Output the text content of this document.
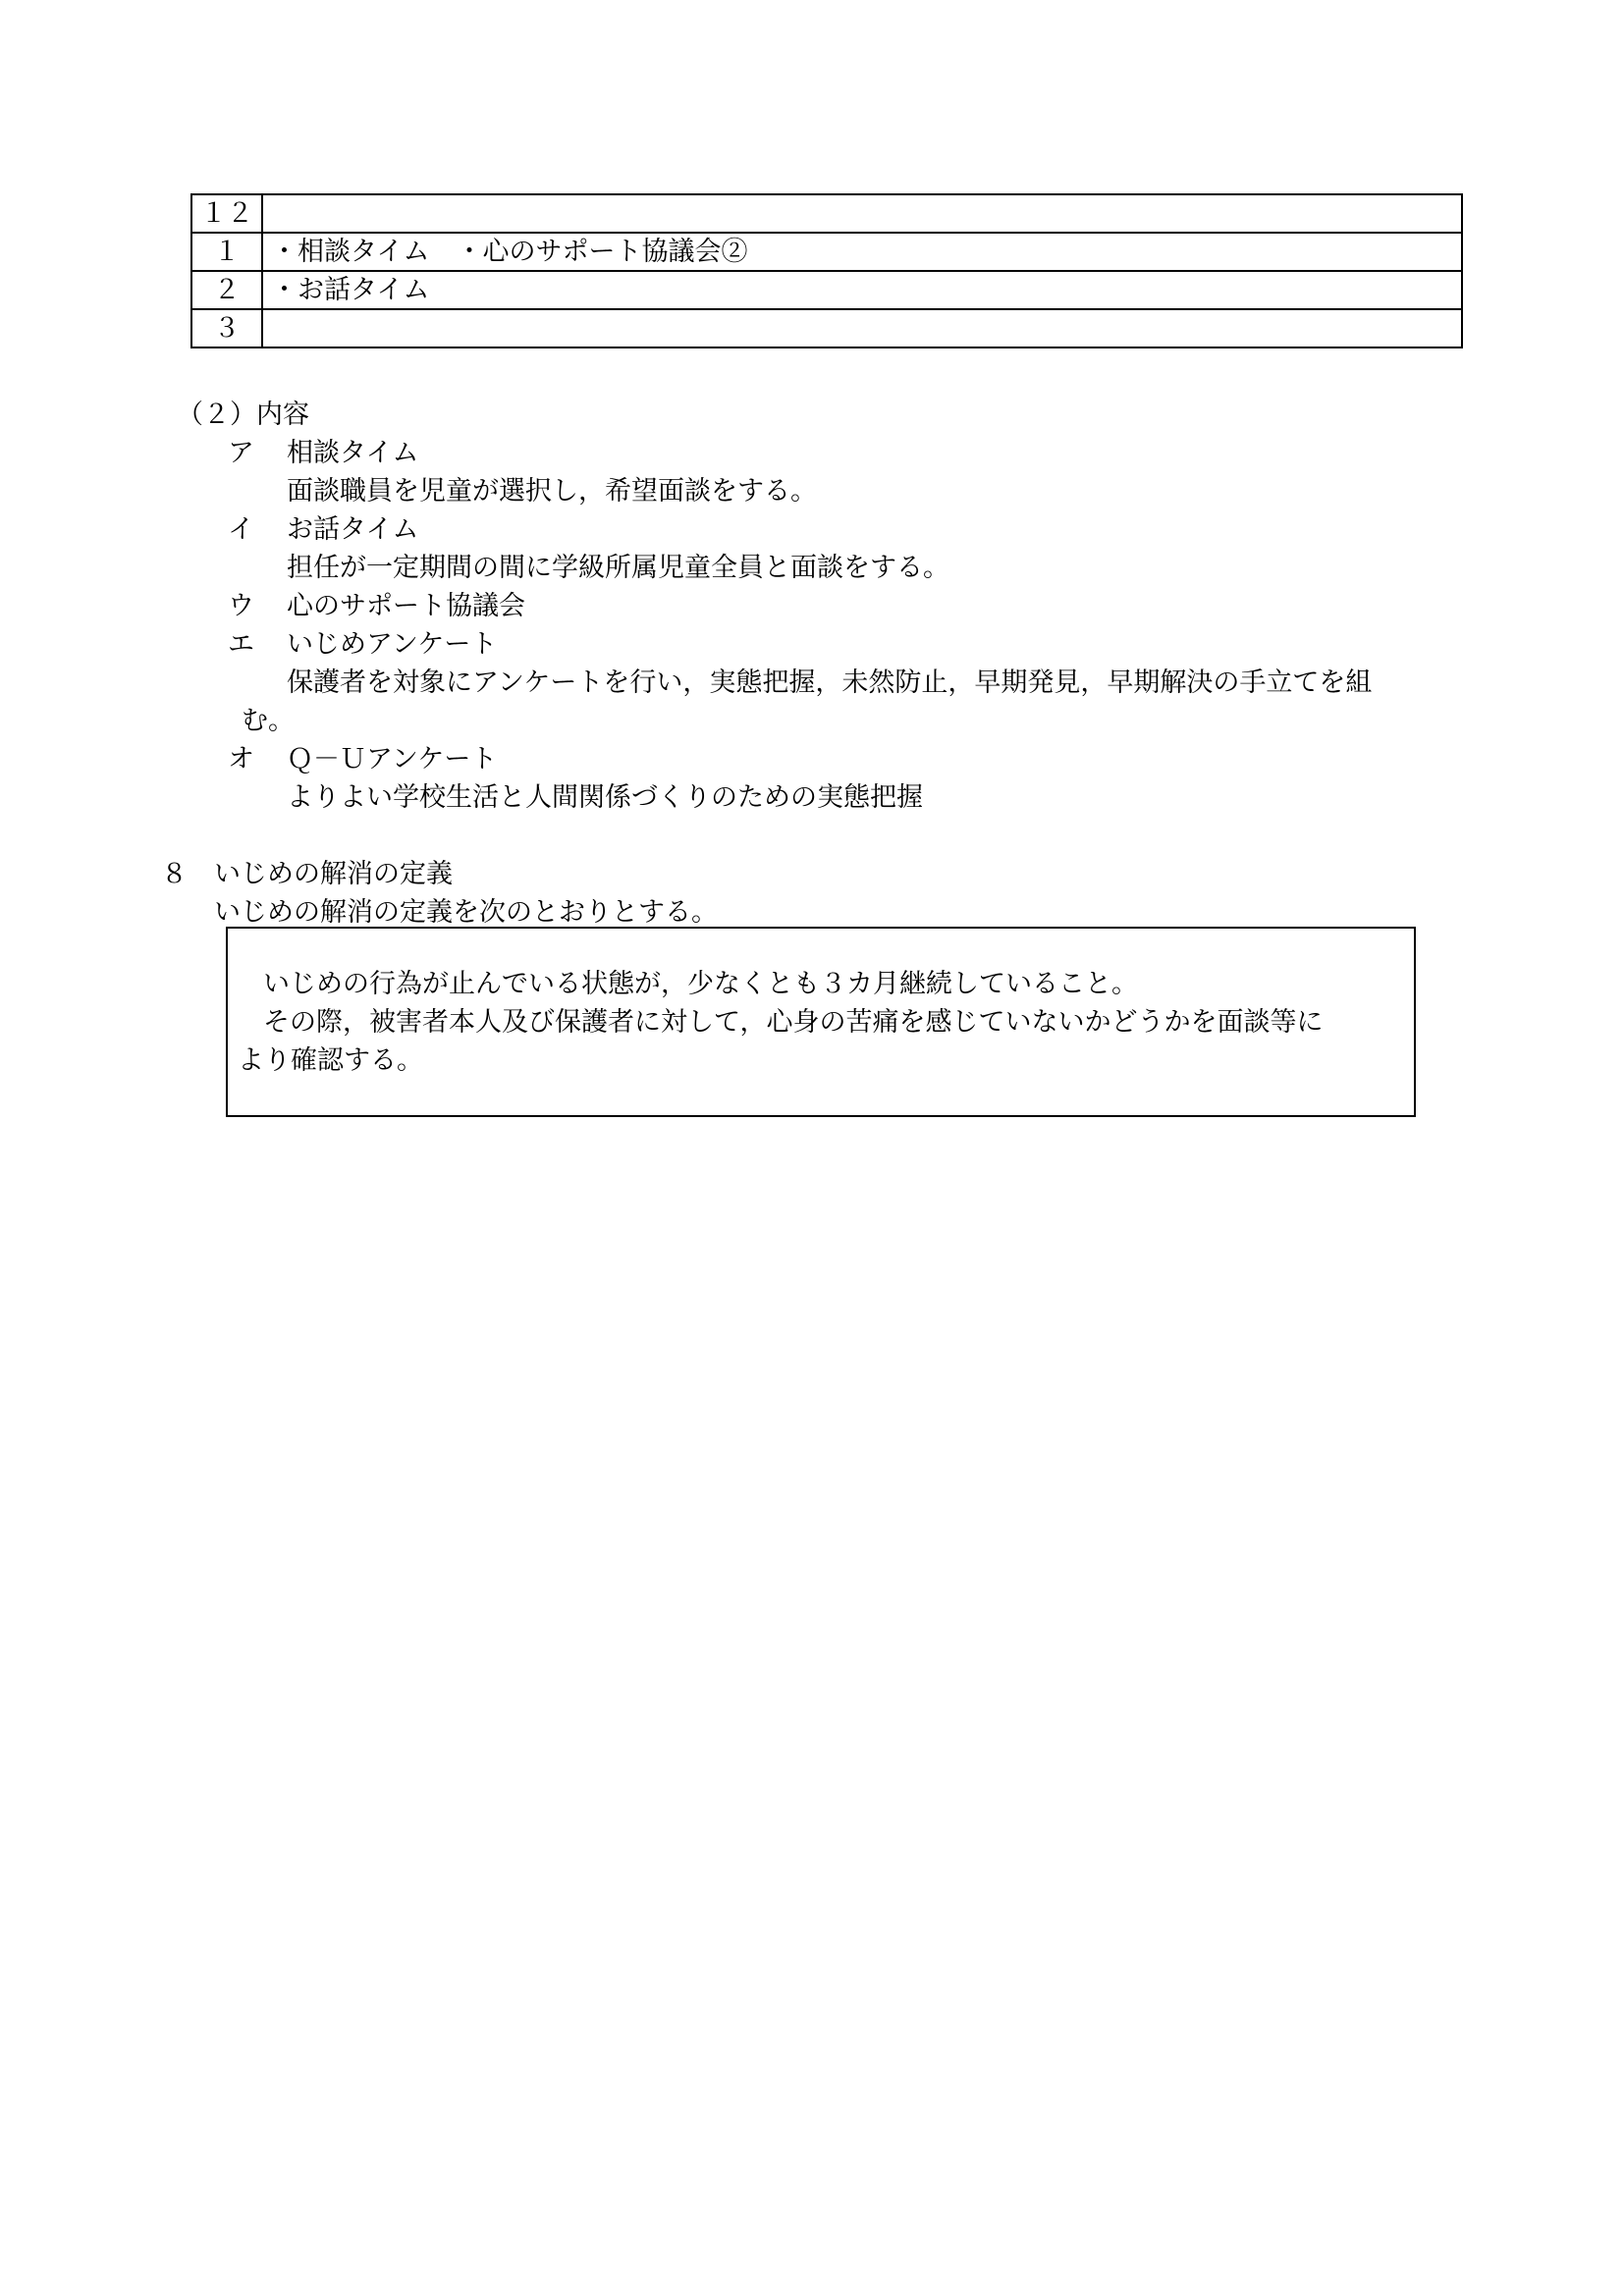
１２	
１	・相談タイム　・心のサポート協議会②
２	・お話タイム
３	
（２）内容
ア 相談タイム
面談職員を児童が選択し，希望面談をする。
イ お話タイム
担任が一定期間の間に学級所属児童全員と面談をする。
ウ 心のサポート協議会
エ いじめアンケート
保護者を対象にアンケートを行い，実態把握，未然防止，早期発見，早期解決の手立てを組
む。
オ Ｑ－Ｕアンケート
よりよい学校生活と人間関係づくりのための実態把握
８ いじめの解消の定義
いじめの解消の定義を次のとおりとする。
いじめの行為が止んでいる状態が，少なくとも３カ月継続していること。
その際，被害者本人及び保護者に対して，心身の苦痛を感じていないかどうかを面談等に
より確認する。
